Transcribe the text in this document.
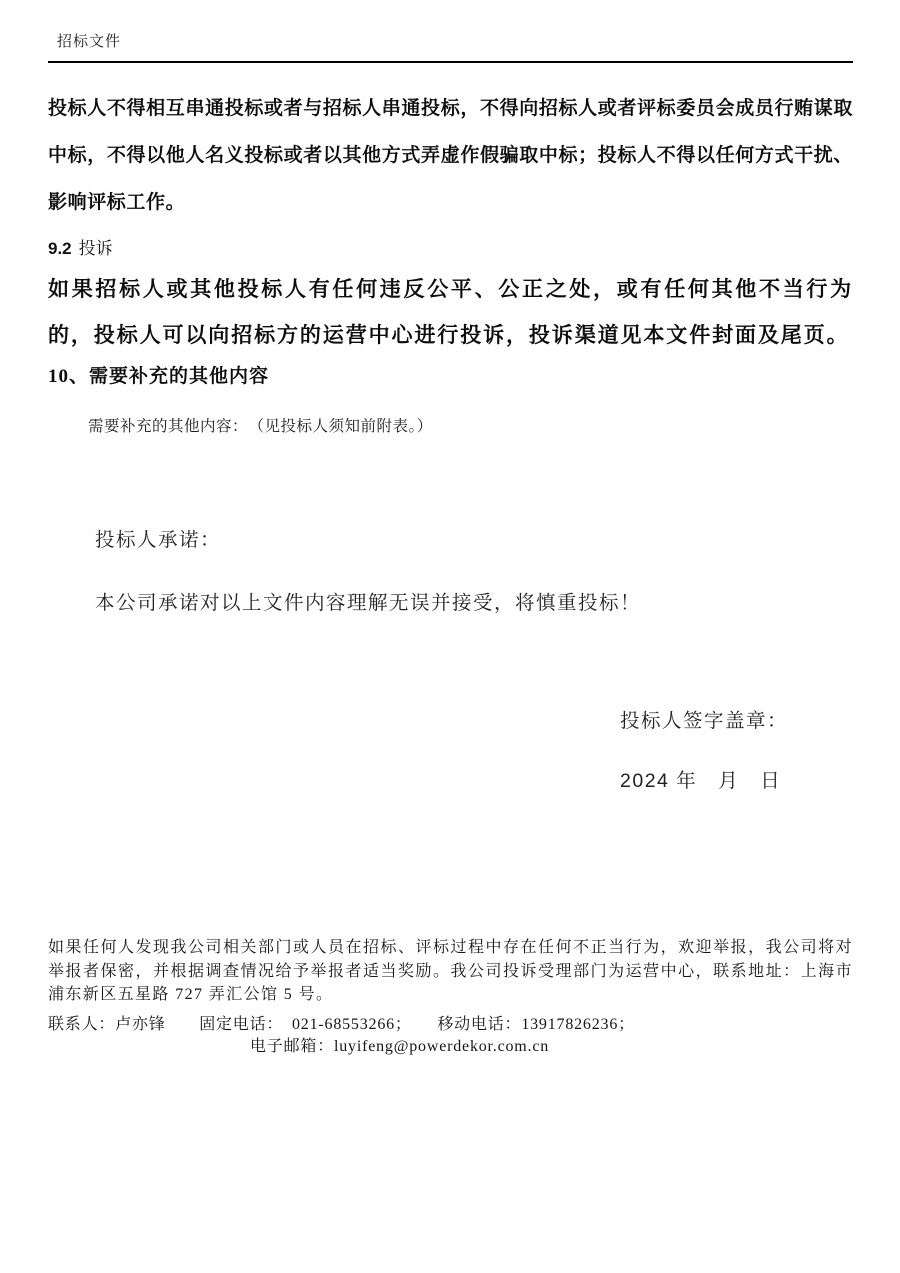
招标文件
投标人不得相互串通投标或者与招标人串通投标，不得向招标人或者评标委员会成员行贿谋取
中标，不得以他人名义投标或者以其他方式弄虚作假骗取中标；投标人不得以任何方式干扰、
影响评标工作。
9.2 投诉
如果招标人或其他投标人有任何违反公平、公正之处，或有任何其他不当行为
的，投标人可以向招标方的运营中心进行投诉，投诉渠道见本文件封面及尾页。
10、需要补充的其他内容
需要补充的其他内容：　（见投标人须知前附表。）
投标人承诺：
本公司承诺对以上文件内容理解无误并接受，将慎重投标！
投标人签字盖章：
2024 年　月　日
如果任何人发现我公司相关部门或人员在招标、评标过程中存在任何不正当行为，欢迎举报，我公司将对
举报者保密，并根据调查情况给予举报者适当奖励。我公司投诉受理部门为运营中心，联系地址：上海市
浦东新区五星路 727 弄汇公馆 5 号。
联系人：卢亦锋　　固定电话：　021-68553266；　　移动电话：13917826236；
电子邮箱：luyifeng@powerdekor.com.cn
